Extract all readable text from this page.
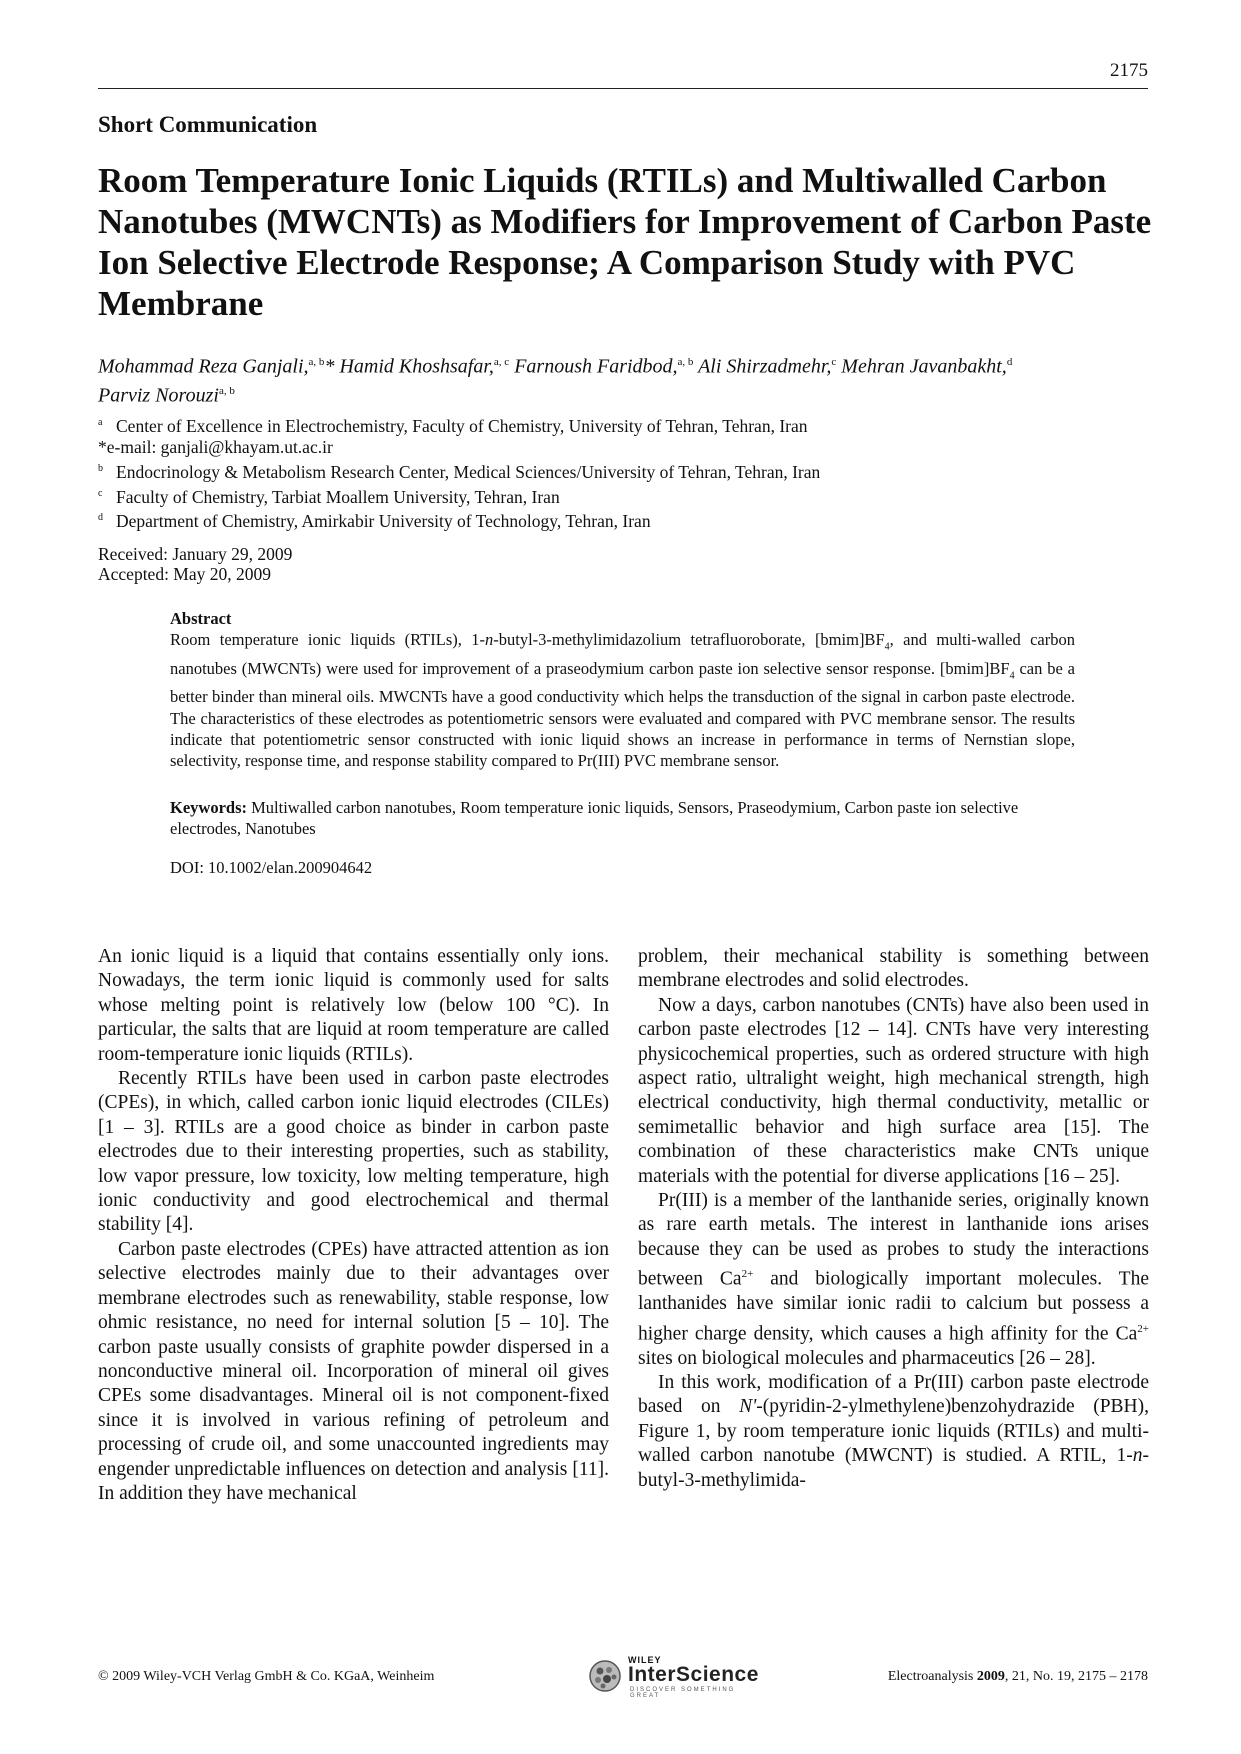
2175
Short Communication
Room Temperature Ionic Liquids (RTILs) and Multiwalled Carbon Nanotubes (MWCNTs) as Modifiers for Improvement of Carbon Paste Ion Selective Electrode Response; A Comparison Study with PVC Membrane
Mohammad Reza Ganjali,$^{a, b}$* Hamid Khoshsafar,$^{a, c}$ Farnoush Faridbod,$^{a, b}$ Ali Shirzadmehr,$^c$ Mehran Javanbakht,$^d$
Parviz Norouzi$^{a, b}$
$^a$ Center of Excellence in Electrochemistry, Faculty of Chemistry, University of Tehran, Tehran, Iran
*e-mail: ganjali@khayam.ut.ac.ir
$^b$ Endocrinology & Metabolism Research Center, Medical Sciences/University of Tehran, Tehran, Iran
$^c$ Faculty of Chemistry, Tarbiat Moallem University, Tehran, Iran
$^d$ Department of Chemistry, Amirkabir University of Technology, Tehran, Iran
Received: January 29, 2009
Accepted: May 20, 2009
Abstract
Room temperature ionic liquids (RTILs), 1-n-butyl-3-methylimidazolium tetrafluoroborate, $[bmim]BF_4$, and multi-walled carbon nanotubes (MWCNTs) were used for improvement of a praseodymium carbon paste ion selective sensor response. $[bmim]BF_4$ can be a better binder than mineral oils. MWCNTs have a good conductivity which helps the transduction of the signal in carbon paste electrode. The characteristics of these electrodes as potentiometric sensors were evaluated and compared with PVC membrane sensor. The results indicate that potentiometric sensor constructed with ionic liquid shows an increase in performance in terms of Nernstian slope, selectivity, response time, and response stability compared to Pr(III) PVC membrane sensor.
Keywords: Multiwalled carbon nanotubes, Room temperature ionic liquids, Sensors, Praseodymium, Carbon paste ion selective electrodes, Nanotubes
DOI: 10.1002/elan.200904642

An ionic liquid is a liquid that contains essentially only ions. Nowadays, the term ionic liquid is commonly used for salts whose melting point is relatively low (below 100 °C). In particular, the salts that are liquid at room temperature are called room-temperature ionic liquids (RTILs).

Recently RTILs have been used in carbon paste electrodes (CPEs), in which, called carbon ionic liquid electrodes (CILEs) [1 – 3]. RTILs are a good choice as binder in carbon paste electrodes due to their interesting properties, such as stability, low vapor pressure, low toxicity, low melting temperature, high ionic conductivity and good electrochemical and thermal stability [4].

Carbon paste electrodes (CPEs) have attracted attention as ion selective electrodes mainly due to their advantages over membrane electrodes such as renewability, stable response, low ohmic resistance, no need for internal solution [5 – 10]. The carbon paste usually consists of graphite powder dispersed in a nonconductive mineral oil. Incorporation of mineral oil gives CPEs some disadvantages. Mineral oil is not component-fixed since it is involved in various refining of petroleum and processing of crude oil, and some unaccounted ingredients may engender unpredictable influences on detection and analysis [11]. In addition they have mechanical

problem, their mechanical stability is something between membrane electrodes and solid electrodes.

Now a days, carbon nanotubes (CNTs) have also been used in carbon paste electrodes [12 – 14]. CNTs have very interesting physicochemical properties, such as ordered structure with high aspect ratio, ultralight weight, high mechanical strength, high electrical conductivity, high thermal conductivity, metallic or semimetallic behavior and high surface area [15]. The combination of these characteristics make CNTs unique materials with the potential for diverse applications [16 – 25].

Pr(III) is a member of the lanthanide series, originally known as rare earth metals. The interest in lanthanide ions arises because they can be used as probes to study the interactions between $Ca^{2+}$ and biologically important molecules. The lanthanides have similar ionic radii to calcium but possess a higher charge density, which causes a high affinity for the $Ca^{2+}$ sites on biological molecules and pharmaceutics [26 – 28].

In this work, modification of a Pr(III) carbon paste electrode based on N'-(pyridin-2-ylmethylene)benzohydrazide (PBH), Figure 1, by room temperature ionic liquids (RTILs) and multi-walled carbon nanotube (MWCNT) is studied. A RTIL, 1-n-butyl-3-methylimida-

© 2009 Wiley-VCH Verlag GmbH & Co. KGaA, Weinheim
WILEY
InterScience
DISCOVER SOMETHING GREAT
Electroanalysis 2009, 21, No. 19, 2175 – 2178
